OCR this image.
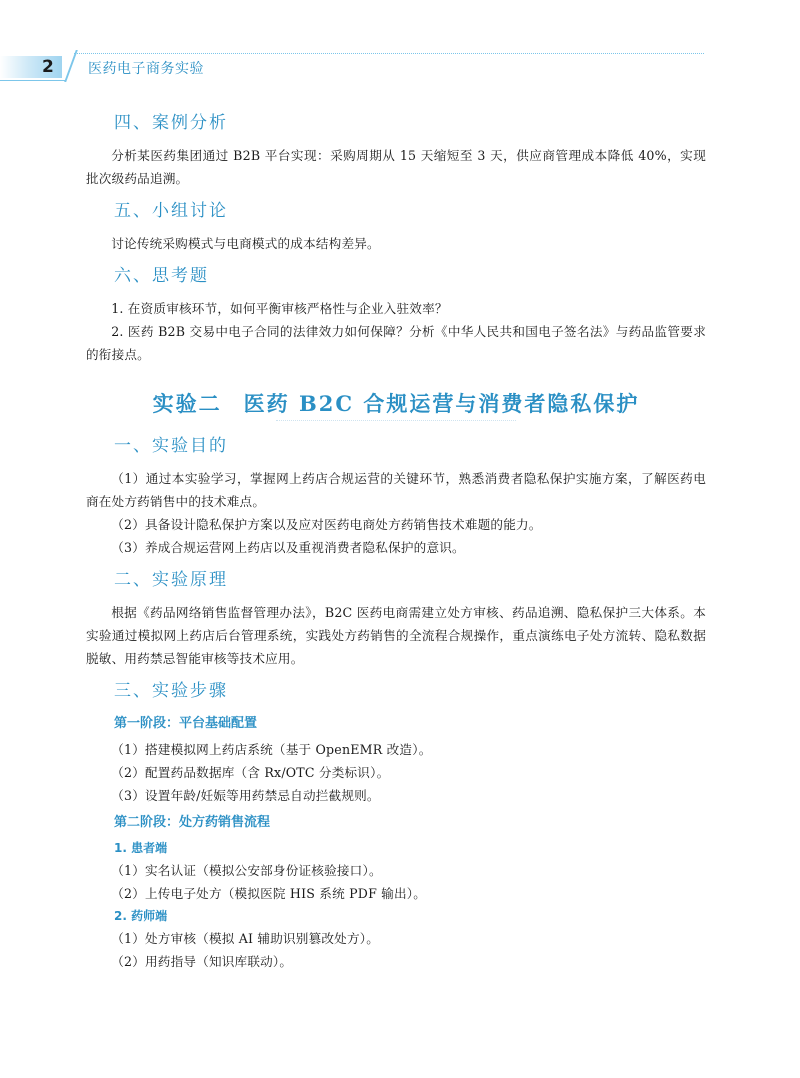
2	医药电子商务实验
四、案例分析

分析某医药集团通过 B2B 平台实现：采购周期从 15 天缩短至 3 天，供应商管理成本降低 40%，实现批次级药品追溯。

五、小组讨论

讨论传统采购模式与电商模式的成本结构差异。

六、思考题

1. 在资质审核环节，如何平衡审核严格性与企业入驻效率？

2. 医药 B2B 交易中电子合同的法律效力如何保障？分析《中华人民共和国电子签名法》与药品监管要求的衔接点。

实验二 医药 B2C 合规运营与消费者隐私保护
一、实验目的

（1）通过本实验学习，掌握网上药店合规运营的关键环节，熟悉消费者隐私保护实施方案，了解医药电商在处方药销售中的技术难点。

（2）具备设计隐私保护方案以及应对医药电商处方药销售技术难题的能力。

（3）养成合规运营网上药店以及重视消费者隐私保护的意识。

二、实验原理

根据《药品网络销售监督管理办法》，B2C 医药电商需建立处方审核、药品追溯、隐私保护三大体系。本实验通过模拟网上药店后台管理系统，实践处方药销售的全流程合规操作，重点演练电子处方流转、隐私数据脱敏、用药禁忌智能审核等技术应用。

三、实验步骤
第一阶段：平台基础配置

（1）搭建模拟网上药店系统（基于 OpenEMR 改造）。

（2）配置药品数据库（含 Rx/OTC 分类标识）。

（3）设置年龄/妊娠等用药禁忌自动拦截规则。

第二阶段：处方药销售流程
1. 患者端

（1）实名认证（模拟公安部身份证核验接口）。

（2）上传电子处方（模拟医院 HIS 系统 PDF 输出）。

2. 药师端

（1）处方审核（模拟 AI 辅助识别篡改处方）。

（2）用药指导（知识库联动）。
